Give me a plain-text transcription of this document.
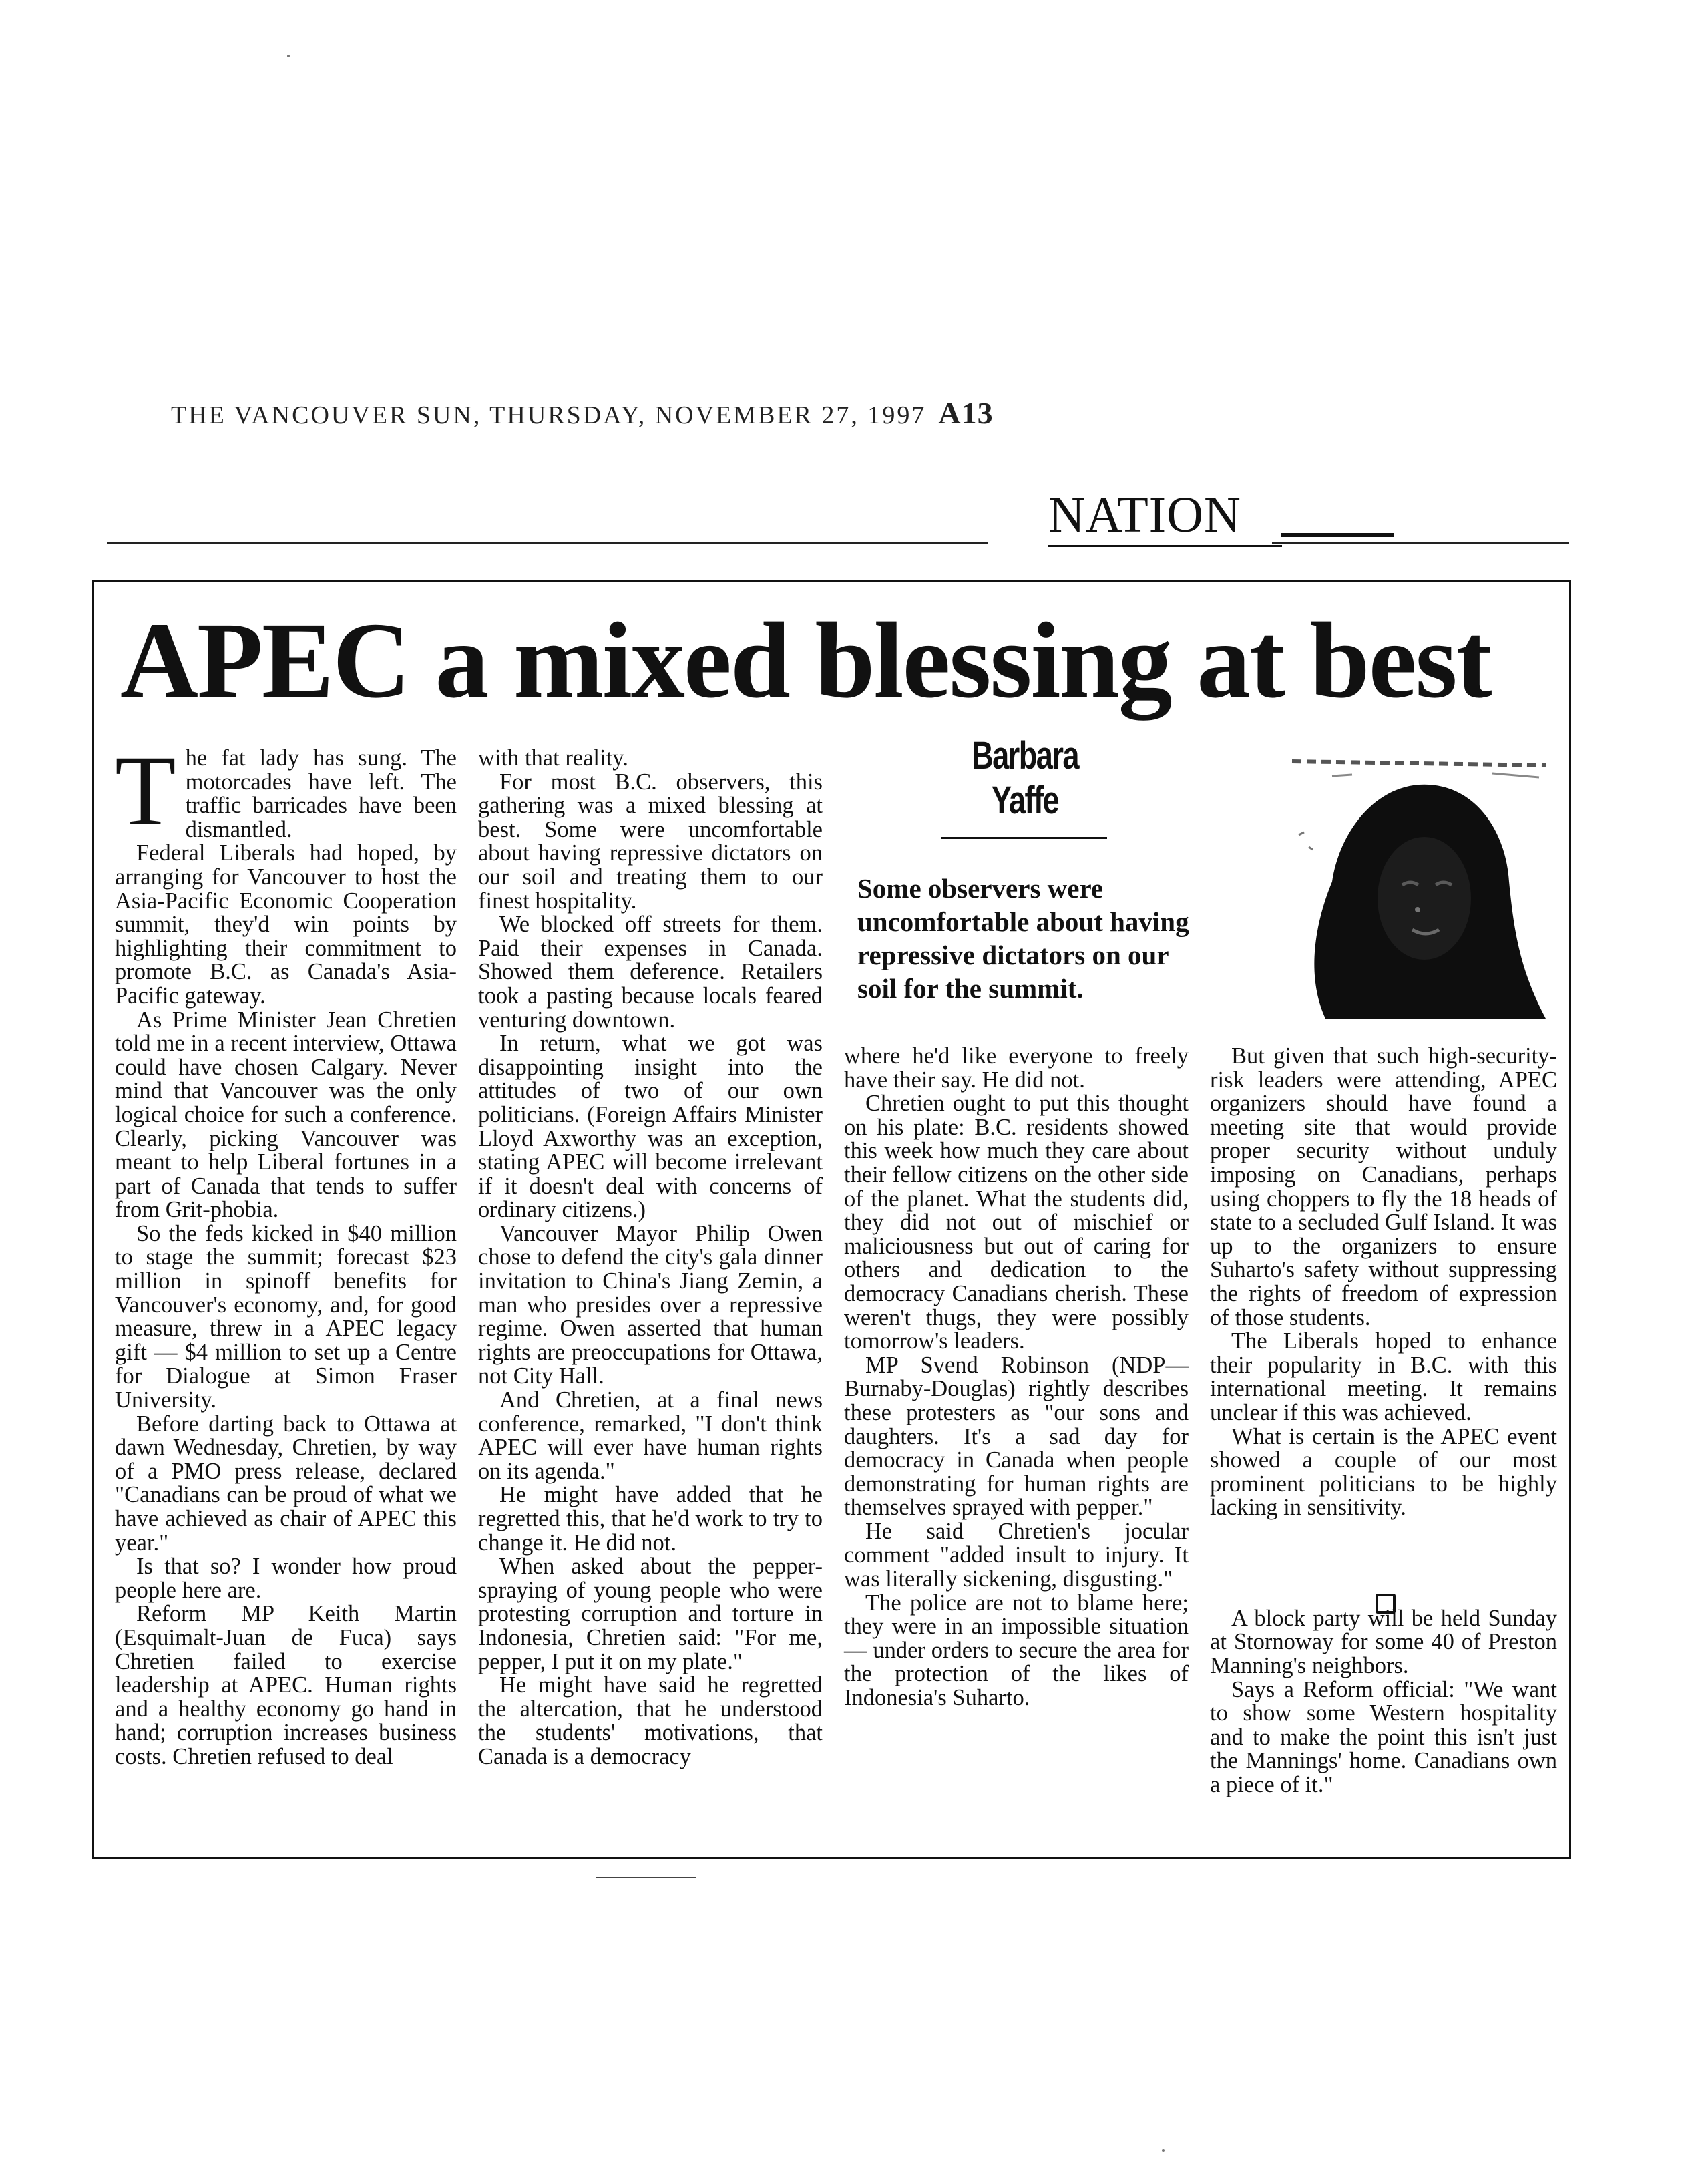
THE VANCOUVER SUN, THURSDAY, NOVEMBER 27, 1997 A13
NATION
APEC a mixed blessing at best

The fat lady has sung. The motorcades have left. The traffic barricades have been dismantled.

Federal Liberals had hoped, by arranging for Vancouver to host the Asia-Pacific Economic Cooperation summit, they'd win points by highlighting their commitment to promote B.C. as Canada's Asia-Pacific gateway.

As Prime Minister Jean Chretien told me in a recent interview, Ottawa could have chosen Calgary. Never mind that Vancouver was the only logical choice for such a conference. Clearly, picking Vancouver was meant to help Liberal fortunes in a part of Canada that tends to suffer from Grit-phobia.

So the feds kicked in $40 million to stage the summit; forecast $23 million in spinoff benefits for Vancouver's economy, and, for good measure, threw in a APEC legacy gift — $4 million to set up a Centre for Dialogue at Simon Fraser University.

Before darting back to Ottawa at dawn Wednesday, Chretien, by way of a PMO press release, declared "Canadians can be proud of what we have achieved as chair of APEC this year."

Is that so? I wonder how proud people here are.

Reform MP Keith Martin (Esquimalt-Juan de Fuca) says Chretien failed to exercise leadership at APEC. Human rights and a healthy economy go hand in hand; corruption increases business costs. Chretien refused to deal

with that reality.

For most B.C. observers, this gathering was a mixed blessing at best. Some were uncomfortable about having repressive dictators on our soil and treating them to our finest hospitality.

We blocked off streets for them. Paid their expenses in Canada. Showed them deference. Retailers took a pasting because locals feared venturing downtown.

In return, what we got was disappointing insight into the attitudes of two of our own politicians. (Foreign Affairs Minister Lloyd Axworthy was an exception, stating APEC will become irrelevant if it doesn't deal with concerns of ordinary citizens.)

Vancouver Mayor Philip Owen chose to defend the city's gala dinner invitation to China's Jiang Zemin, a man who presides over a repressive regime. Owen asserted that human rights are preoccupations for Ottawa, not City Hall.

And Chretien, at a final news conference, remarked, "I don't think APEC will ever have human rights on its agenda."

He might have added that he regretted this, that he'd work to try to change it. He did not.

When asked about the pepper-spraying of young people who were protesting corruption and torture in Indonesia, Chretien said: "For me, pepper, I put it on my plate."

He might have said he regretted the altercation, that he understood the students' motivations, that Canada is a democracy

Barbara Yaffe
Some observers were uncomfortable about having repressive dictators on our soil for the summit.

where he'd like everyone to freely have their say. He did not.

Chretien ought to put this thought on his plate: B.C. residents showed this week how much they care about their fellow citizens on the other side of the planet. What the students did, they did not out of mischief or maliciousness but out of caring for others and dedication to the democracy Canadians cherish. These weren't thugs, they were possibly tomorrow's leaders.

MP Svend Robinson (NDP—Burnaby-Douglas) rightly describes these protesters as "our sons and daughters. It's a sad day for democracy in Canada when people demonstrating for human rights are themselves sprayed with pepper."

He said Chretien's jocular comment "added insult to injury. It was literally sickening, disgusting."

The police are not to blame here; they were in an impossible situation — under orders to secure the area for the protection of the likes of Indonesia's Suharto.

But given that such high-security-risk leaders were attending, APEC organizers should have found a meeting site that would provide proper security without unduly imposing on Canadians, perhaps using choppers to fly the 18 heads of state to a secluded Gulf Island. It was up to the organizers to ensure Suharto's safety without suppressing the rights of freedom of expression of those students.

The Liberals hoped to enhance their popularity in B.C. with this international meeting. It remains unclear if this was achieved.

What is certain is the APEC event showed a couple of our most prominent politicians to be highly lacking in sensitivity.

A block party will be held Sunday at Stornoway for some 40 of Preston Manning's neighbors.

Says a Reform official: "We want to show some Western hospitality and to make the point this isn't just the Mannings' home. Canadians own a piece of it."
